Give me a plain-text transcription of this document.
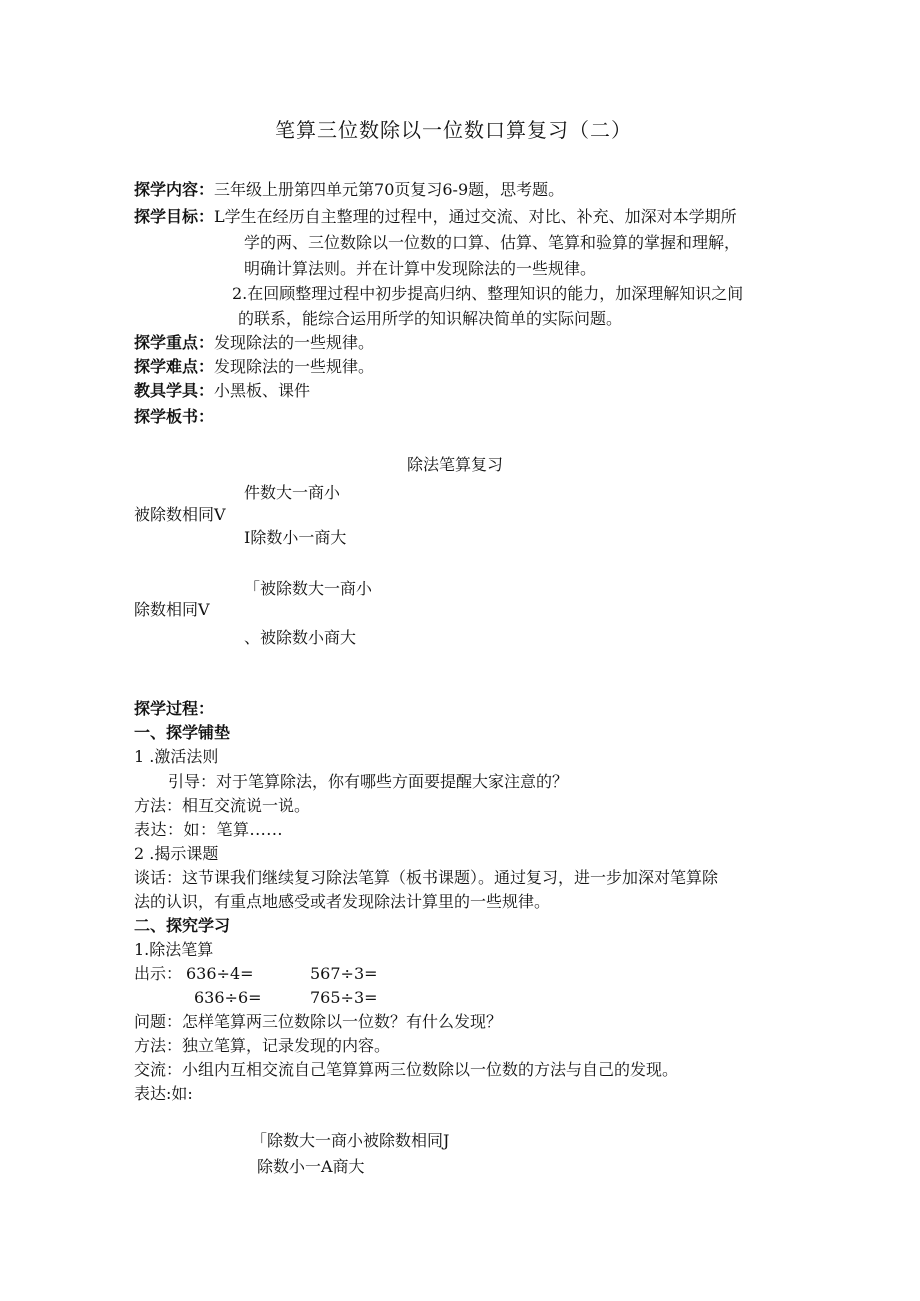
笔算三位数除以一位数口算复习（二）
探学内容：三年级上册第四单元第70页复习6-9题，思考题。
探学目标：L学生在经历自主整理的过程中，通过交流、对比、补充、加深对本学期所
学的两、三位数除以一位数的口算、估算、笔算和验算的掌握和理解，
明确计算法则。并在计算中发现除法的一些规律。
2.在回顾整理过程中初步提高归纳、整理知识的能力，加深理解知识之间
的联系，能综合运用所学的知识解决简单的实际问题。
探学重点：发现除法的一些规律。
探学难点：发现除法的一些规律。
教具学具：小黑板、课件
探学板书：
除法笔算复习
件数大一商小
被除数相同V
I除数小一商大
「被除数大一商小
除数相同V
、被除数小商大
探学过程：
一、探学铺垫
1 .激活法则
引导：对于笔算除法，你有哪些方面要提醒大家注意的？
方法：相互交流说一说。
表达：如：笔算......
2 .揭示课题
谈话：这节课我们继续复习除法笔算（板书课题）。通过复习，进一步加深对笔算除
法的认识，有重点地感受或者发现除法计算里的一些规律。
二、探究学习
1.除法笔算
出示： 636÷4=	567÷3=
636÷6=	765÷3=
问题：怎样笔算两三位数除以一位数？有什么发现？
方法：独立笔算，记录发现的内容。
交流：小组内互相交流自己笔算算两三位数除以一位数的方法与自己的发现。
表达:如:
「除数大一商小被除数相同J
除数小一A商大
